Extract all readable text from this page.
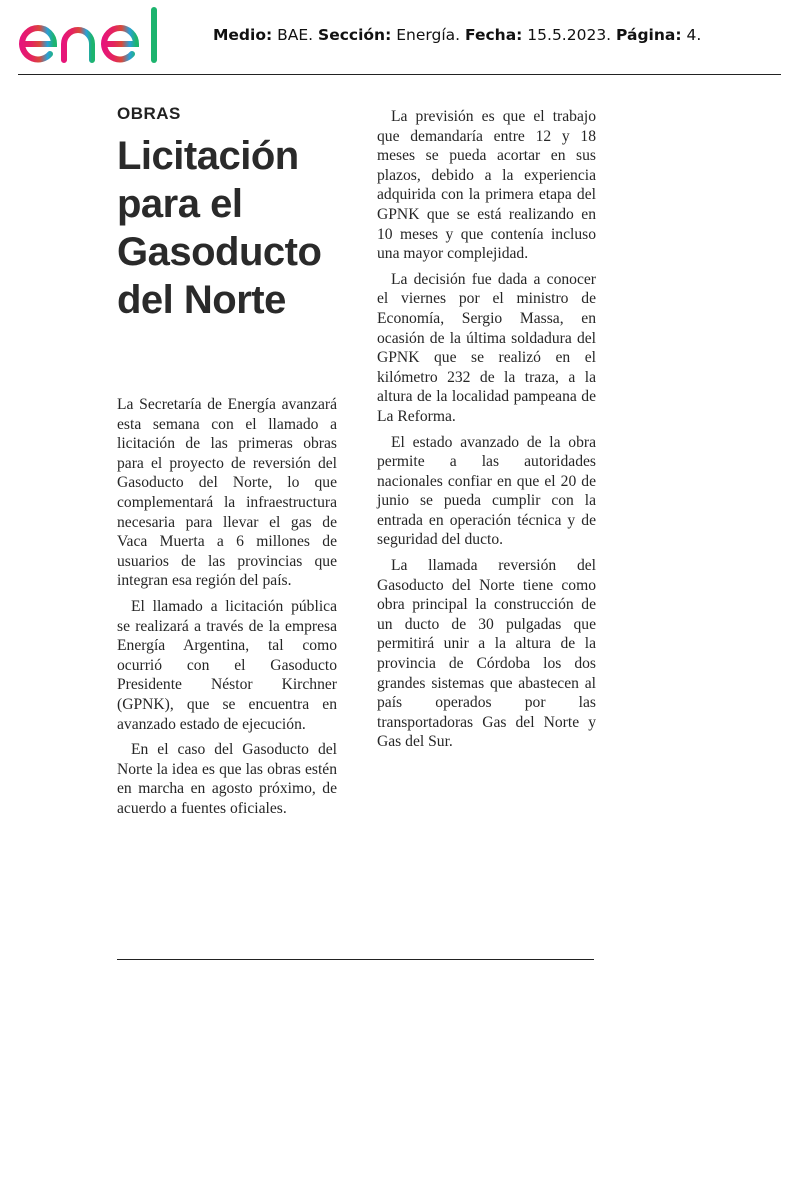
Medio: BAE. Sección: Energía. Fecha: 15.5.2023. Página: 4.
OBRAS
Licitación
para el
Gasoducto
del Norte

La Secretaría de Energía avanzará esta semana con el llamado a licitación de las primeras obras para el proyecto de reversión del Gasoducto del Norte, lo que complementará la infraestructura necesaria para llevar el gas de Vaca Muerta a 6 millones de usuarios de las provincias que integran esa región del país.

El llamado a licitación pública se realizará a través de la empresa Energía Argentina, tal como ocurrió con el Gasoducto Presidente Néstor Kirchner (GPNK), que se encuentra en avanzado estado de ejecución.

En el caso del Gasoducto del Norte la idea es que las obras estén en marcha en agosto próximo, de acuerdo a fuentes oficiales.

La previsión es que el trabajo que demandaría entre 12 y 18 meses se pueda acortar en sus plazos, debido a la experiencia adquirida con la primera etapa del GPNK que se está realizando en 10 meses y que contenía incluso una mayor complejidad.

La decisión fue dada a conocer el viernes por el ministro de Economía, Sergio Massa, en ocasión de la última soldadura del GPNK que se realizó en el kilómetro 232 de la traza, a la altura de la localidad pampeana de La Reforma.

El estado avanzado de la obra permite a las autoridades nacionales confiar en que el 20 de junio se pueda cumplir con la entrada en operación técnica y de seguridad del ducto.

La llamada reversión del Gasoducto del Norte tiene como obra principal la construcción de un ducto de 30 pulgadas que permitirá unir a la altura de la provincia de Córdoba los dos grandes sistemas que abastecen al país operados por las transportadoras Gas del Norte y Gas del Sur.
